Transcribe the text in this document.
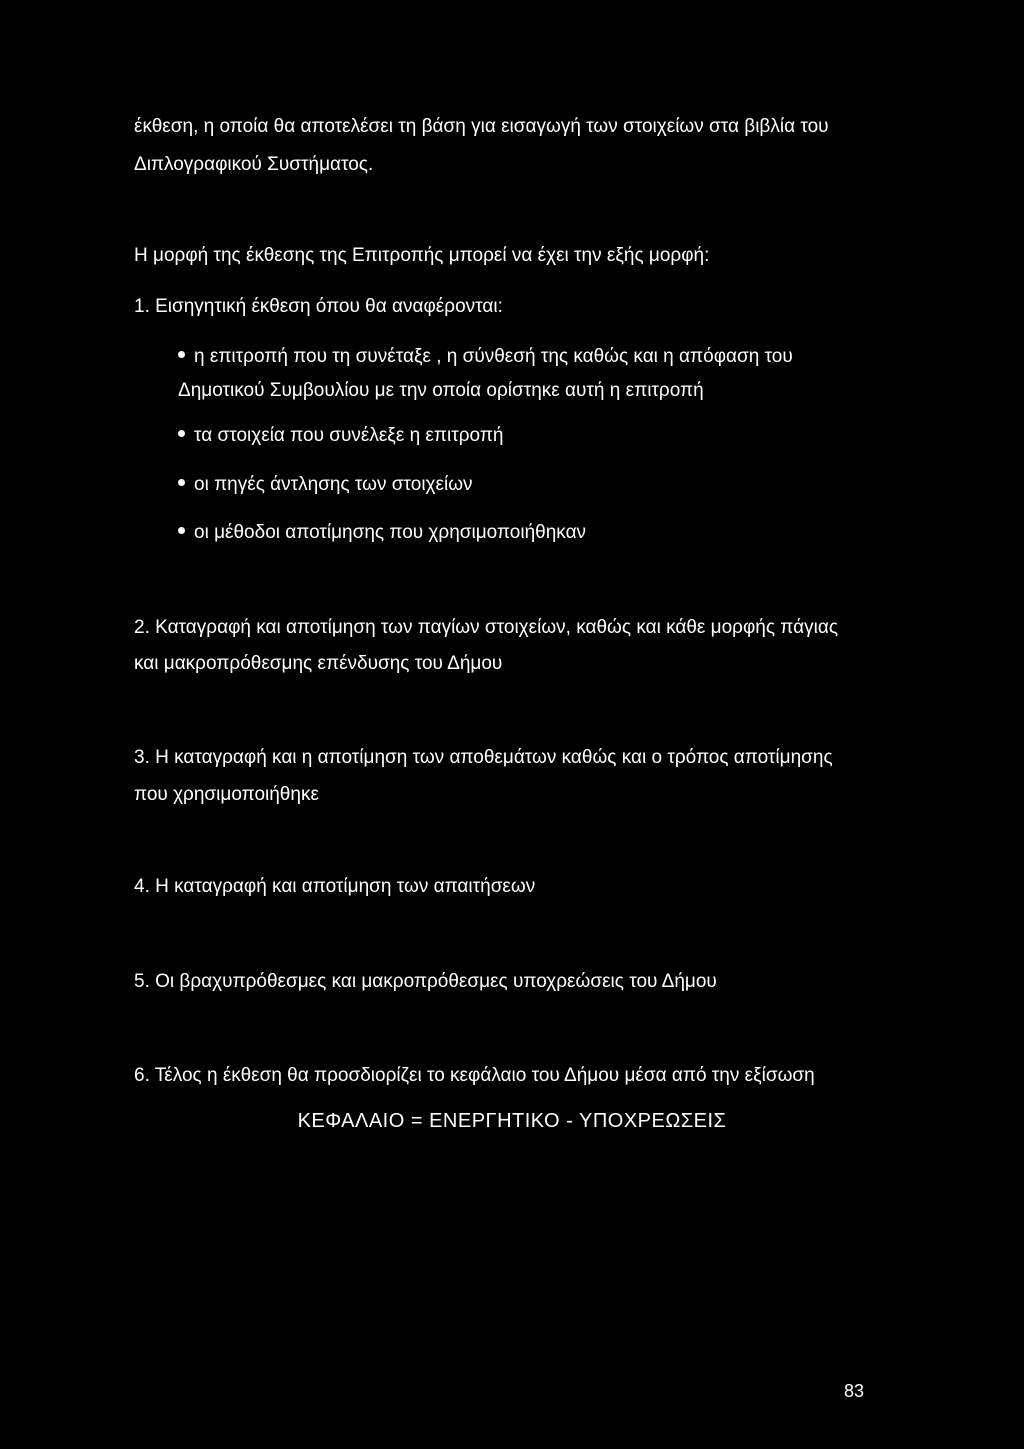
έκθεση, η οποία θα αποτελέσει τη βάση για εισαγωγή των στοιχείων στα βιβλία του
Διπλογραφικού Συστήματος.
Η μορφή της έκθεσης της Επιτροπής μπορεί να έχει την εξής μορφή:
1. Εισηγητική έκθεση όπου θα αναφέρονται:
η επιτροπή που τη συνέταξε , η σύνθεσή της καθώς και η απόφαση του
Δημοτικού Συμβουλίου με την οποία ορίστηκε αυτή η επιτροπή
τα στοιχεία που συνέλεξε η επιτροπή
οι πηγές άντλησης των στοιχείων
οι μέθοδοι αποτίμησης που χρησιμοποιήθηκαν
2. Καταγραφή και αποτίμηση των παγίων στοιχείων, καθώς και κάθε μορφής πάγιας
και μακροπρόθεσμης επένδυσης του Δήμου
3. Η καταγραφή και η αποτίμηση των αποθεμάτων καθώς και ο τρόπος αποτίμησης
που χρησιμοποιήθηκε
4. Η καταγραφή και αποτίμηση των απαιτήσεων
5. Οι βραχυπρόθεσμες και μακροπρόθεσμες υποχρεώσεις του Δήμου
6. Τέλος η έκθεση θα προσδιορίζει το κεφάλαιο του Δήμου μέσα από την εξίσωση
ΚΕΦΑΛΑΙΟ = ΕΝΕΡΓΗΤΙΚΟ - ΥΠΟΧΡΕΩΣΕΙΣ
83
